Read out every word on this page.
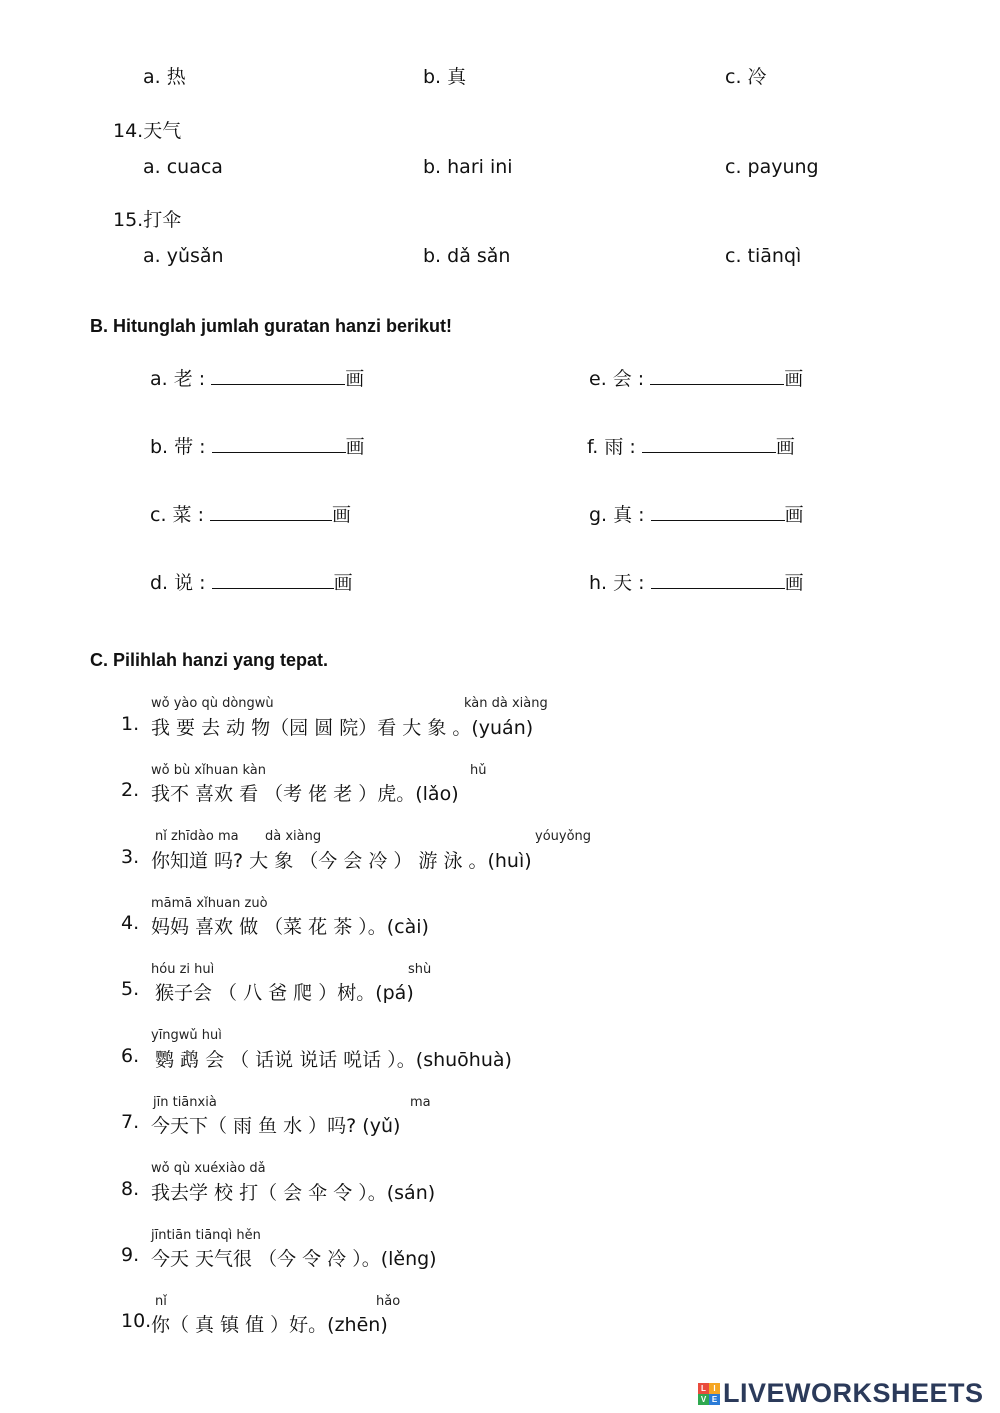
a. 热	b. 真	c. 冷
14.天气
a. cuaca	b. hari ini	c. payung
15.打伞
a. yǔsǎn	b. dǎ sǎn	c. tiānqì
B. Hitunglah jumlah guratan hanzi berikut!
a. 老 :	画	e. 会 :	画
b. 带 :	画	f. 雨 :	画
c. 菜 :	画	g. 真 :	画
d. 说 :	画	h. 天 :	画
C. Pilihlah hanzi yang tepat.
wǒ yào qù dòngwù	kàn dà xiàng
1. 我 要 去 动 物（园 圆 院）看 大 象 。(yuán)
wǒ bù xǐhuan kàn	hǔ
2. 我不 喜欢 看 （考 佬 老 ）虎。(lǎo)
nǐ zhīdào ma dà xiàng	yóuyǒng
3. 你知道 吗? 大 象 （今 会 冷 ） 游 泳 。(huì)
māmā xǐhuan zuò
4. 妈妈 喜欢 做 （菜 花 茶 ）。(cài)
hóu zi huì	shù
5. 猴子会 （ 八 爸 爬 ）树。(pá)
yīngwǔ huì
6. 鹦 鹉 会 （ 话说 说话 哾话 ）。(shuōhuà)
jīn tiānxià	ma
7. 今天下（ 雨 鱼 水 ）吗? (yǔ)
wǒ qù xuéxiào dǎ
8. 我去学 校 打（ 会 伞 令 ）。(sán)
jīntiān tiānqì hěn
9. 今天 天气很 （今 令 冷 ）。(lěng)
nǐ	hǎo
10. 你（ 真 镇 值 ）好。(zhēn)
L I
V E LIVEWORKSHEETS
